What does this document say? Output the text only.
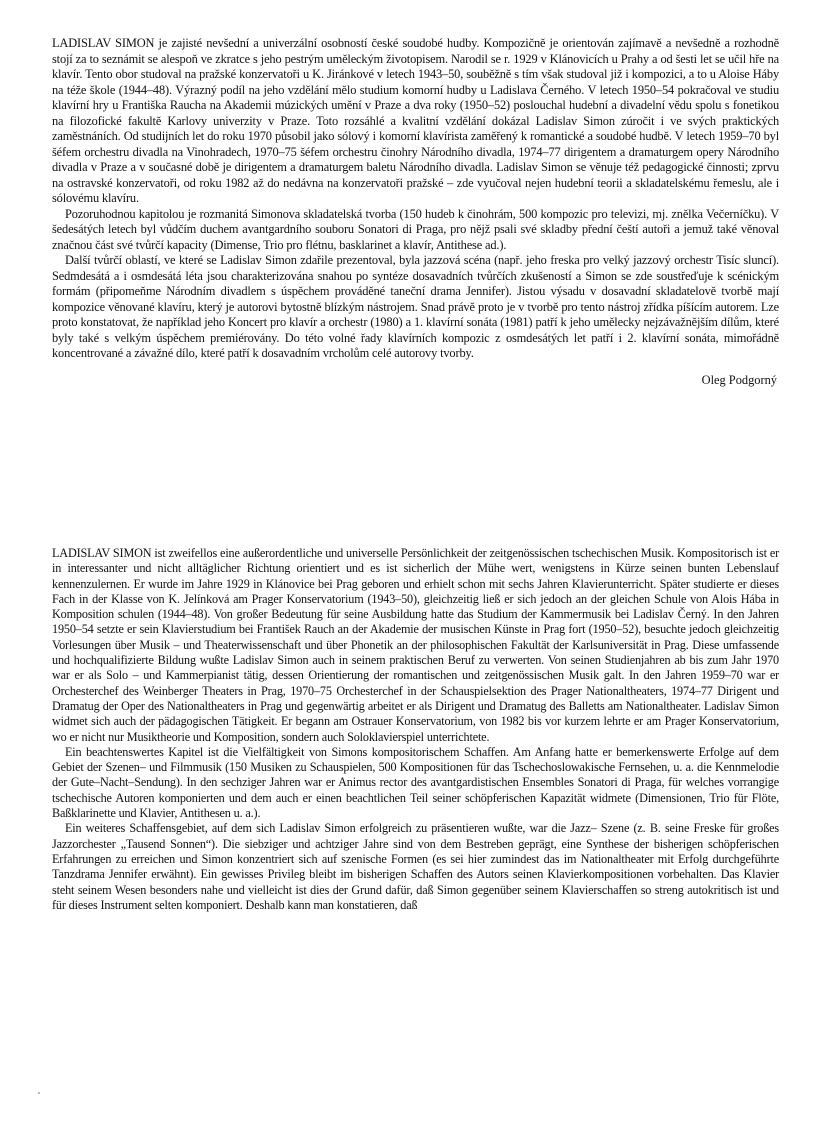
LADISLAV SIMON je zajisté nevšední a univerzální osobností české soudobé hudby. Kompozičně je orientován zajímavě a nevšedně a rozhodně stojí za to seznámit se alespoň ve zkratce s jeho pestrým uměleckým životopisem. Narodil se r. 1929 v Klánovicích u Prahy a od šesti let se učil hře na klavír. Tento obor studoval na pražské konzervatoři u K. Jiránkové v letech 1943–50, souběžně s tím však studoval již i kompozici, a to u Aloise Háby na téže škole (1944–48). Výrazný podíl na jeho vzdělání mělo studium komorní hudby u Ladislava Černého. V letech 1950–54 pokračoval ve studiu klavírní hry u Františka Raucha na Akademii múzických umění v Praze a dva roky (1950–52) poslouchal hudební a divadelní vědu spolu s fonetikou na filozofické fakultě Karlovy univerzity v Praze. Toto rozsáhlé a kvalitní vzdělání dokázal Ladislav Simon zúročit i ve svých praktických zaměstnáních. Od studijních let do roku 1970 působil jako sólový i komorní klavírista zaměřený k romantické a soudobé hudbě. V letech 1959–70 byl šéfem orchestru divadla na Vinohradech, 1970–75 šéfem orchestru činohry Národního divadla, 1974–77 dirigentem a dramaturgem opery Národního divadla v Praze a v současné době je dirigentem a dramaturgem baletu Národního divadla. Ladislav Simon se věnuje též pedagogické činnosti; zprvu na ostravské konzervatoři, od roku 1982 až do nedávna na konzervatoři pražské – zde vyučoval nejen hudební teorii a skladatelskému řemeslu, ale i sólovému klavíru.

Pozoruhodnou kapitolou je rozmanitá Simonova skladatelská tvorba (150 hudeb k činohrám, 500 kompozic pro televizi, mj. znělka Večerníčku). V šedesátých letech byl vůdčím duchem avantgardního souboru Sonatori di Praga, pro nějž psali své skladby přední čeští autoři a jemuž také věnoval značnou část své tvůrčí kapacity (Dimense, Trio pro flétnu, basklarinet a klavír, Antithese ad.).

Další tvůrčí oblastí, ve které se Ladislav Simon zdařile prezentoval, byla jazzová scéna (např. jeho freska pro velký jazzový orchestr Tisíc sluncí). Sedmdesátá a i osmdesátá léta jsou charakterizována snahou po syntéze dosavadních tvůrčích zkušeností a Simon se zde soustřeďuje k scénickým formám (připomeňme Národním divadlem s úspěchem prováděné taneční drama Jennifer). Jistou výsadu v dosavadní skladatelově tvorbě mají kompozice věnované klavíru, který je autorovi bytostně blízkým nástrojem. Snad právě proto je v tvorbě pro tento nástroj zřídka píšícím autorem. Lze proto konstatovat, že například jeho Koncert pro klavír a orchestr (1980) a 1. klavírní sonáta (1981) patří k jeho umělecky nejzávažnějším dílům, které byly také s velkým úspěchem premiérovány. Do této volné řady klavírních kompozic z osmdesátých let patří i 2. klavírní sonáta, mimořádně koncentrované a závažné dílo, které patří k dosavadním vrcholům celé autorovy tvorby.

Oleg Podgorný

LADISLAV SIMON ist zweifellos eine außerordentliche und universelle Persönlichkeit der zeitgenössischen tschechischen Musik. Kompositorisch ist er in interessanter und nicht alltäglicher Richtung orientiert und es ist sicherlich der Mühe wert, wenigstens in Kürze seinen bunten Lebenslauf kennenzulernen. Er wurde im Jahre 1929 in Klánovice bei Prag geboren und erhielt schon mit sechs Jahren Klavierunterricht. Später studierte er dieses Fach in der Klasse von K. Jelínková am Prager Konservatorium (1943–50), gleichzeitig ließ er sich jedoch an der gleichen Schule von Alois Hába in Komposition schulen (1944–48). Von großer Bedeutung für seine Ausbildung hatte das Studium der Kammermusik bei Ladislav Černý. In den Jahren 1950–54 setzte er sein Klavierstudium bei František Rauch an der Akademie der musischen Künste in Prag fort (1950–52), besuchte jedoch gleichzeitig Vorlesungen über Musik – und Theaterwissenschaft und über Phonetik an der philosophischen Fakultät der Karlsuniversität in Prag. Diese umfassende und hochqualifizierte Bildung wußte Ladislav Simon auch in seinem praktischen Beruf zu verwerten. Von seinen Studienjahren ab bis zum Jahr 1970 war er als Solo – und Kammerpianist tätig, dessen Orientierung der romantischen und zeitgenössischen Musik galt. In den Jahren 1959–70 war er Orchesterchef des Weinberger Theaters in Prag, 1970–75 Orchesterchef in der Schauspielsektion des Prager Nationaltheaters, 1974–77 Dirigent und Dramatug der Oper des Nationaltheaters in Prag und gegenwärtig arbeitet er als Dirigent und Dramatug des Balletts am Nationaltheater. Ladislav Simon widmet sich auch der pädagogischen Tätigkeit. Er begann am Ostrauer Konservatorium, von 1982 bis vor kurzem lehrte er am Prager Konservatorium, wo er nicht nur Musiktheorie und Komposition, sondern auch Soloklavierspiel unterrichtete.

Ein beachtenswertes Kapitel ist die Vielfältigkeit von Simons kompositorischem Schaffen. Am Anfang hatte er bemerkenswerte Erfolge auf dem Gebiet der Szenen– und Filmmusik (150 Musiken zu Schauspielen, 500 Kompositionen für das Tschechoslowakische Fernsehen, u. a. die Kennmelodie der Gute–Nacht–Sendung). In den sechziger Jahren war er Animus rector des avantgardistischen Ensembles Sonatori di Praga, für welches vorrangige tschechische Autoren komponierten und dem auch er einen beachtlichen Teil seiner schöpferischen Kapazität widmete (Dimensionen, Trio für Flöte, Baßklarinette und Klavier, Antithesen u. a.).

Ein weiteres Schaffensgebiet, auf dem sich Ladislav Simon erfolgreich zu präsentieren wußte, war die Jazz– Szene (z. B. seine Freske für großes Jazzorchester „Tausend Sonnen“). Die siebziger und achtziger Jahre sind von dem Bestreben geprägt, eine Synthese der bisherigen schöpferischen Erfahrungen zu erreichen und Simon konzentriert sich auf szenische Formen (es sei hier zumindest das im Nationaltheater mit Erfolg durchgeführte Tanzdrama Jennifer erwähnt). Ein gewisses Privileg bleibt im bisherigen Schaffen des Autors seinen Klavierkompositionen vorbehalten. Das Klavier steht seinem Wesen besonders nahe und vielleicht ist dies der Grund dafür, daß Simon gegenüber seinem Klavierschaffen so streng autokritisch ist und für dieses Instrument selten komponiert. Deshalb kann man konstatieren, daß
